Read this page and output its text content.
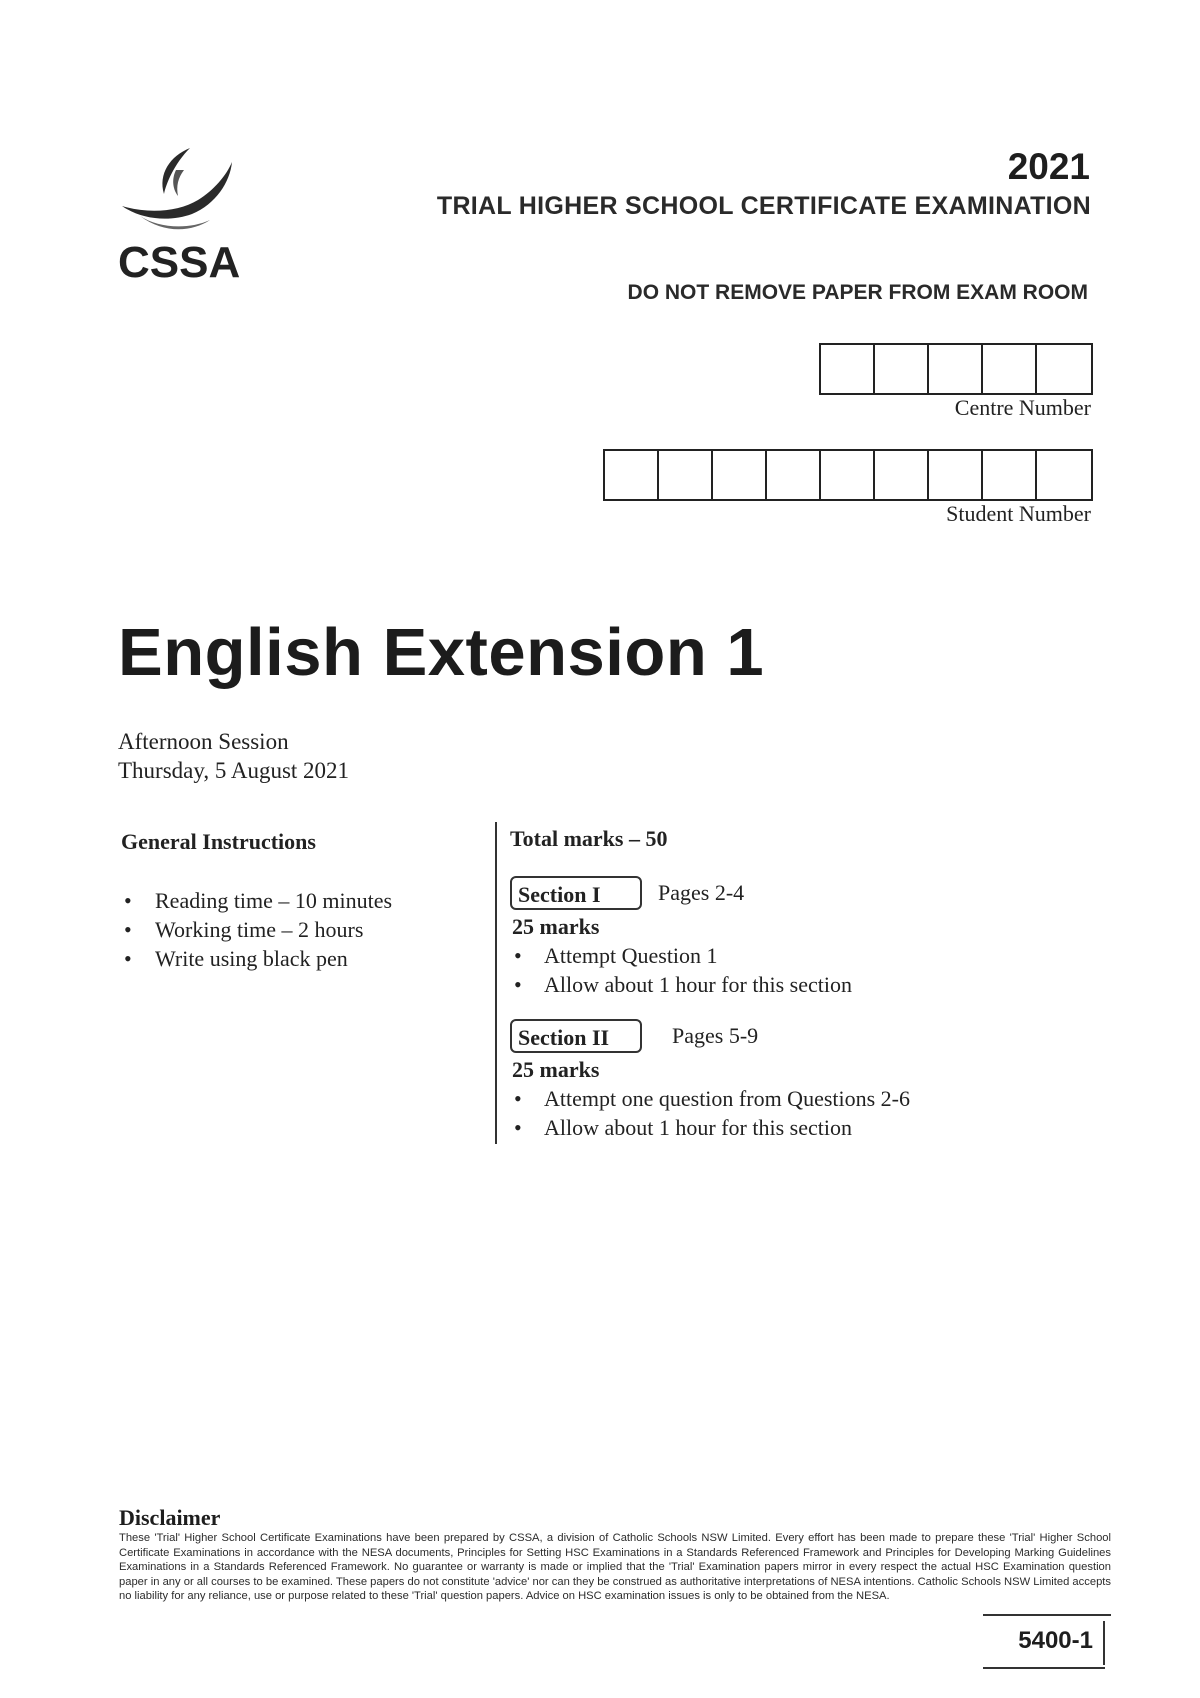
CSSA
2021
TRIAL HIGHER SCHOOL CERTIFICATE EXAMINATION
DO NOT REMOVE PAPER FROM EXAM ROOM
Centre Number
Student Number
English Extension 1
Afternoon Session
Thursday, 5 August 2021
General Instructions
• Reading time – 10 minutes
• Working time – 2 hours
• Write using black pen
Total marks – 50
Section I	Pages 2-4
25 marks
• Attempt Question 1
• Allow about 1 hour for this section
Section II	Pages 5-9
25 marks
• Attempt one question from Questions 2-6
• Allow about 1 hour for this section
Disclaimer
These 'Trial' Higher School Certificate Examinations have been prepared by CSSA, a division of Catholic Schools NSW Limited. Every effort has been made to prepare these 'Trial' Higher School Certificate Examinations in accordance with the NESA documents, Principles for Setting HSC Examinations in a Standards Referenced Framework and Principles for Developing Marking Guidelines Examinations in a Standards Referenced Framework. No guarantee or warranty is made or implied that the 'Trial' Examination papers mirror in every respect the actual HSC Examination question paper in any or all courses to be examined. These papers do not constitute 'advice' nor can they be construed as authoritative interpretations of NESA intentions. Catholic Schools NSW Limited accepts no liability for any reliance, use or purpose related to these 'Trial' question papers. Advice on HSC examination issues is only to be obtained from the NESA.
5400-1
